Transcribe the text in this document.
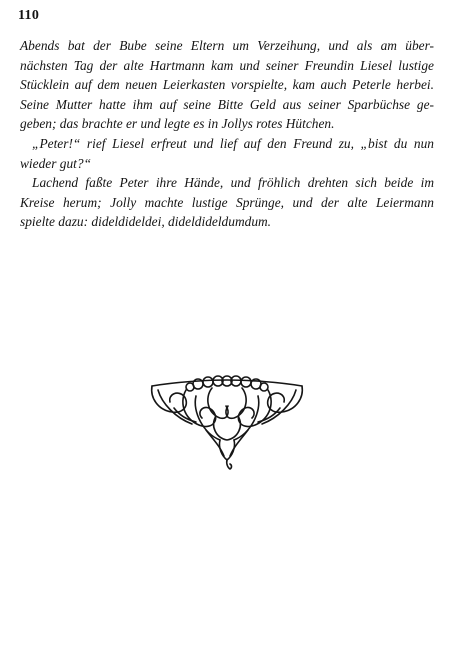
110

Abends bat der Bube seine Eltern um Verzeihung, und als am über-
nächsten Tag der alte Hartmann kam und seiner Freundin Liesel lustige
Stücklein auf dem neuen Leierkasten vorspielte, kam auch Peterle herbei.
Seine Mutter hatte ihm auf seine Bitte Geld aus seiner Sparbüchse ge-
geben; das brachte er und legte es in Jollys rotes Hütchen.

„Peter!“ rief Liesel erfreut und lief auf den Freund zu, „bist du nun
wieder gut?“

Lachend faßte Peter ihre Hände, und fröhlich drehten sich beide im
Kreise herum; Jolly machte lustige Sprünge, und der alte Leiermann
spielte dazu: dideldideldei, dideldideldumdum.
